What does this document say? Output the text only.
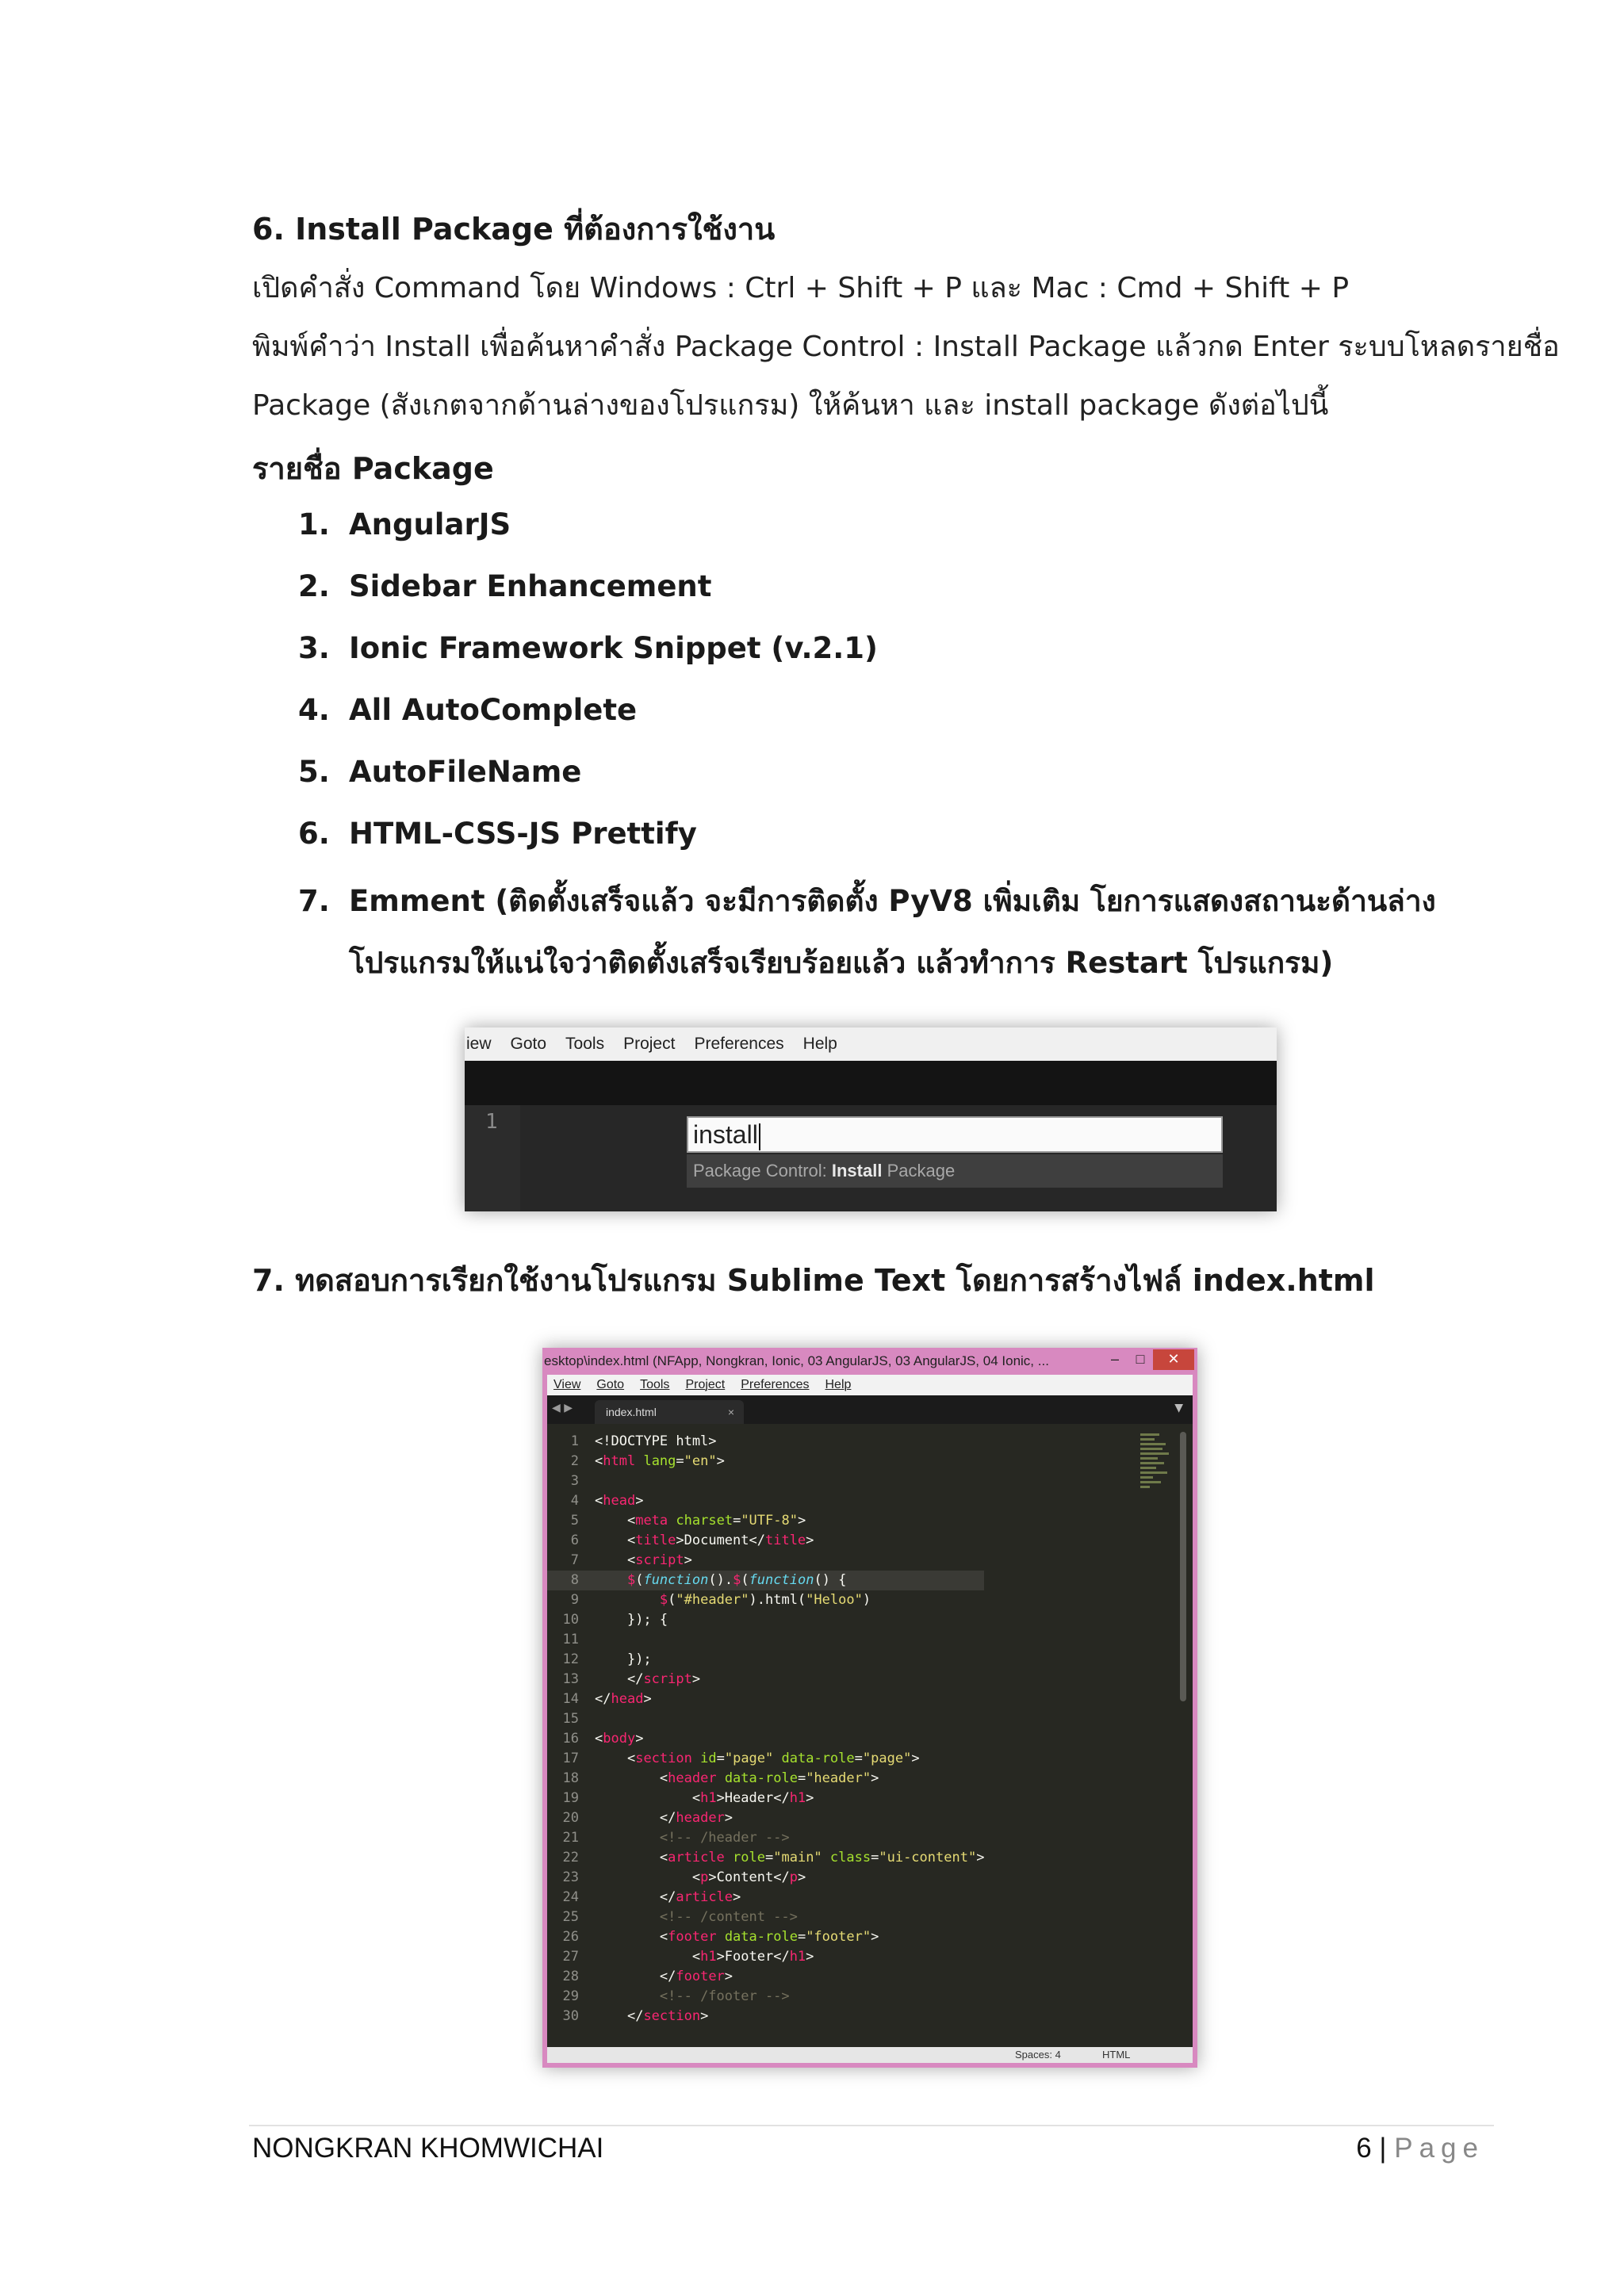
6. Install Package ที่ต้องการใช้งาน
เปิดคำสั่ง Command โดย Windows : Ctrl + Shift + P และ Mac : Cmd + Shift + P
พิมพ์คำว่า Install เพื่อค้นหาคำสั่ง Package Control : Install Package แล้วกด Enter ระบบโหลดรายชื่อ
Package (สังเกตจากด้านล่างของโปรแกรม) ให้ค้นหา และ install package ดังต่อไปนี้
รายชื่อ Package
1. AngularJS
2. Sidebar Enhancement
3. Ionic Framework Snippet (v.2.1)
4. All AutoComplete
5. AutoFileName
6. HTML-CSS-JS Prettify
7. Emment (ติดตั้งเสร็จแล้ว จะมีการติดตั้ง PyV8 เพิ่มเติม โยการแสดงสถานะด้านล่าง โปรแกรมให้แน่ใจว่าติดตั้งเสร็จเรียบร้อยแล้ว แล้วทำการ Restart โปรแกรม)
iew Goto Tools Project Preferences Help
1	install
Package Control: Install Package
7. ทดสอบการเรียกใช้งานโปรแกรม Sublime Text โดยการสร้างไฟล์ index.html
esktop\index.html (NFApp, Nongkran, Ionic, 03 AngularJS, 03 AngularJS, 04 Ionic, ...	–	□	✕
View Goto Tools Project Preferences Help
◀ ▶	index.html	×	▼
1 <!DOCTYPE html>
2 <html lang="en">
3
4 <head>
5	<meta charset="UTF-8">
6	<title>Document</title>
7	<script>
8	$(function().$(function() {
9	$("#header").html("Heloo")
10	}); {
11
12	});
13	</script>
14 </head>
15
16 <body>
17	<section id="page" data-role="page">
18	<header data-role="header">
19	<h1>Header</h1>
20	</header>
21	<!-- /header -->
22	<article role="main" class="ui-content">
23	<p>Content</p>
24	</article>
25	<!-- /content -->
26	<footer data-role="footer">
27	<h1>Footer</h1>
28	</footer>
29	<!-- /footer -->
30	</section>
Spaces: 4	HTML
NONGKRAN KHOMWICHAI	6 | Page
